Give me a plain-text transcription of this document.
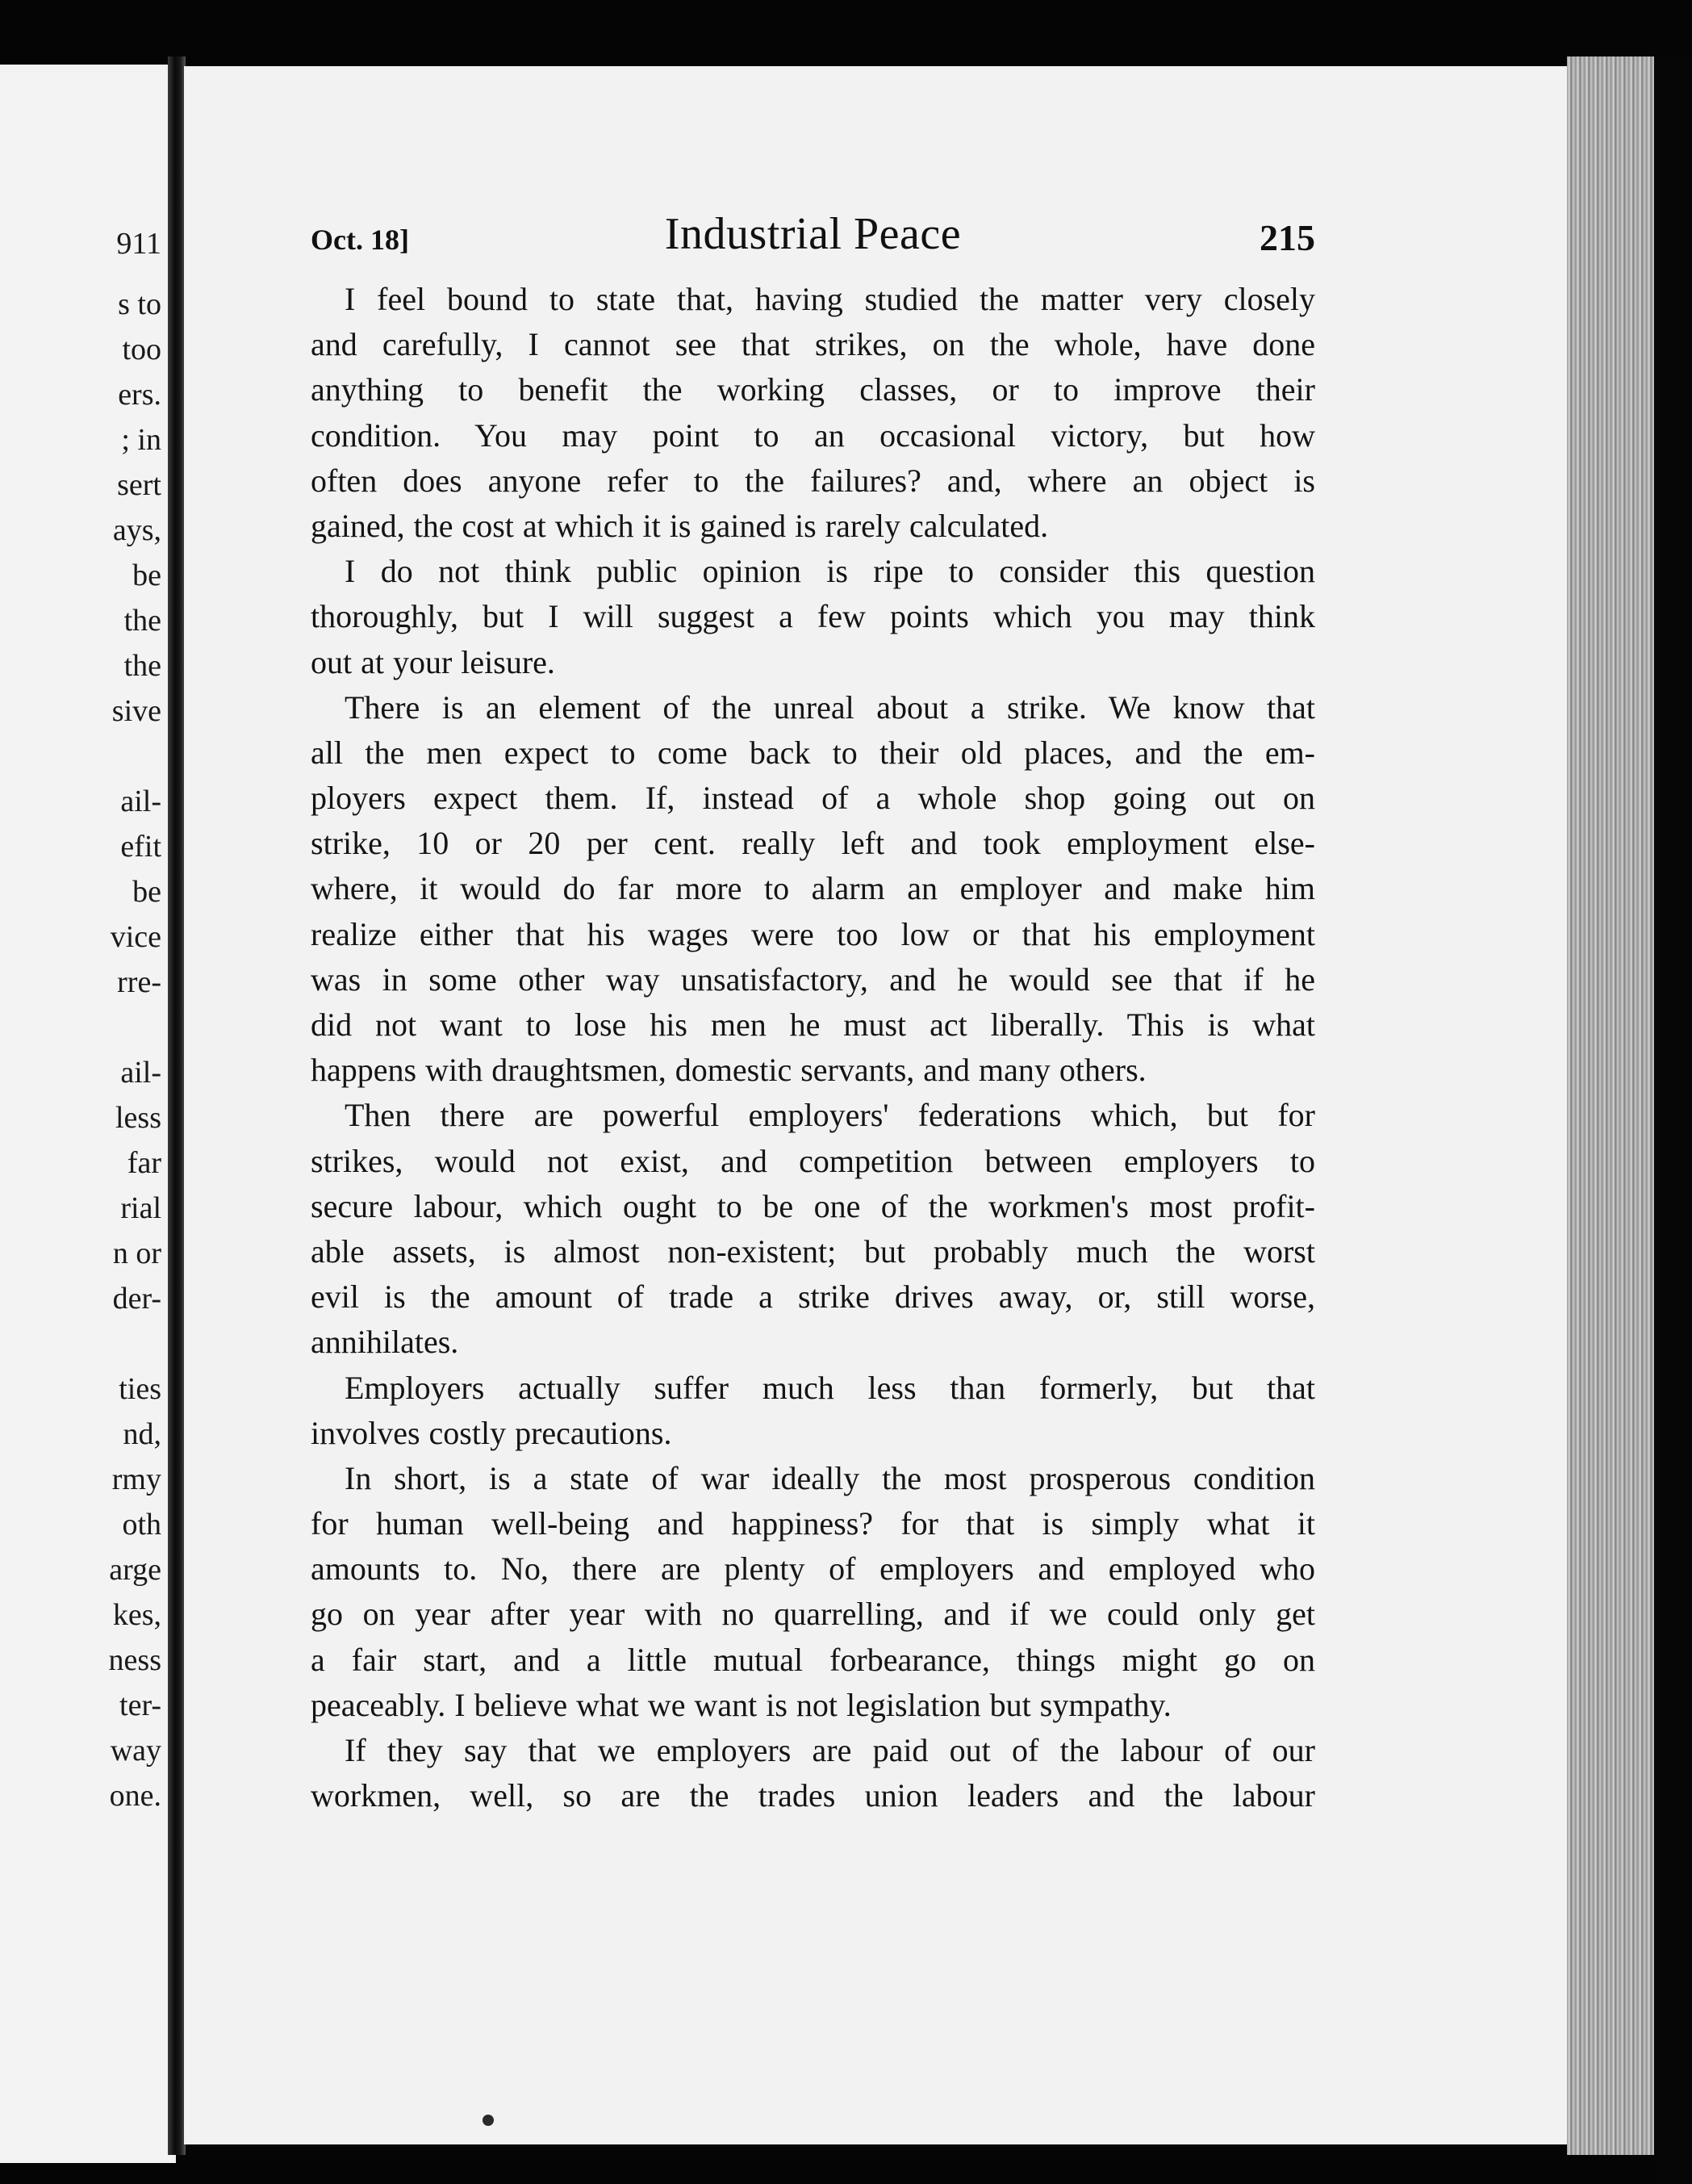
911
s to
too
ers.
; in
sert
ays,
be
the
the
sive
ail-
efit
be
vice
rre-
ail-
less
far
rial
n or
der-
ties
nd,
rmy
oth
arge
kes,
ness
ter-
way
one.
Oct. 18]	Industrial Peace	215
I feel bound to state that, having studied the matter very closely
and carefully, I cannot see that strikes, on the whole, have done
anything to benefit the working classes, or to improve their
condition. You may point to an occasional victory, but how
often does anyone refer to the failures? and, where an object is
gained, the cost at which it is gained is rarely calculated.
I do not think public opinion is ripe to consider this question
thoroughly, but I will suggest a few points which you may think
out at your leisure.
There is an element of the unreal about a strike. We know that
all the men expect to come back to their old places, and the em-
ployers expect them. If, instead of a whole shop going out on
strike, 10 or 20 per cent. really left and took employment else-
where, it would do far more to alarm an employer and make him
realize either that his wages were too low or that his employment
was in some other way unsatisfactory, and he would see that if he
did not want to lose his men he must act liberally. This is what
happens with draughtsmen, domestic servants, and many others.
Then there are powerful employers' federations which, but for
strikes, would not exist, and competition between employers to
secure labour, which ought to be one of the workmen's most profit-
able assets, is almost non-existent; but probably much the worst
evil is the amount of trade a strike drives away, or, still worse,
annihilates.
Employers actually suffer much less than formerly, but that
involves costly precautions.
In short, is a state of war ideally the most prosperous condition
for human well-being and happiness? for that is simply what it
amounts to. No, there are plenty of employers and employed who
go on year after year with no quarrelling, and if we could only get
a fair start, and a little mutual forbearance, things might go on
peaceably. I believe what we want is not legislation but sympathy.
If they say that we employers are paid out of the labour of our
workmen, well, so are the trades union leaders and the labour
